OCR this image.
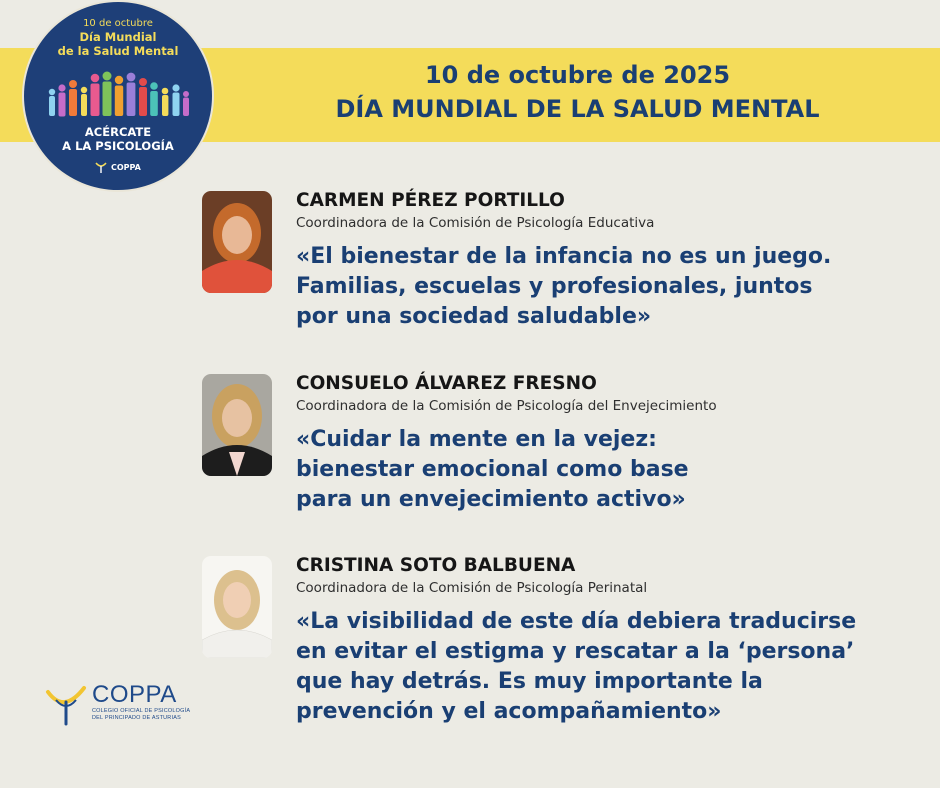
10 de octubre de 2025

DÍA MUNDIAL DE LA SALUD MENTAL

10 de octubre
Día Mundial
de la Salud Mental
ACÉRCATE
A LA PSICOLOGÍA
COPPA

CARMEN PÉREZ PORTILLO

Coordinadora de la Comisión de Psicología Educativa

«El bienestar de la infancia no es un juego.

Familias, escuelas y profesionales, juntos

por una sociedad saludable»

CONSUELO ÁLVAREZ FRESNO

Coordinadora de la Comisión de Psicología del Envejecimiento

«Cuidar la mente en la vejez:

bienestar emocional como base

para un envejecimiento activo»

CRISTINA SOTO BALBUENA

Coordinadora de la Comisión de Psicología Perinatal

«La visibilidad de este día debiera traducirse

en evitar el estigma y rescatar a la ‘persona’

que hay detrás. Es muy importante la

prevención y el acompañamiento»

COPPA
COLEGIO OFICIAL DE PSICOLOGÍA
DEL PRINCIPADO DE ASTURIAS
